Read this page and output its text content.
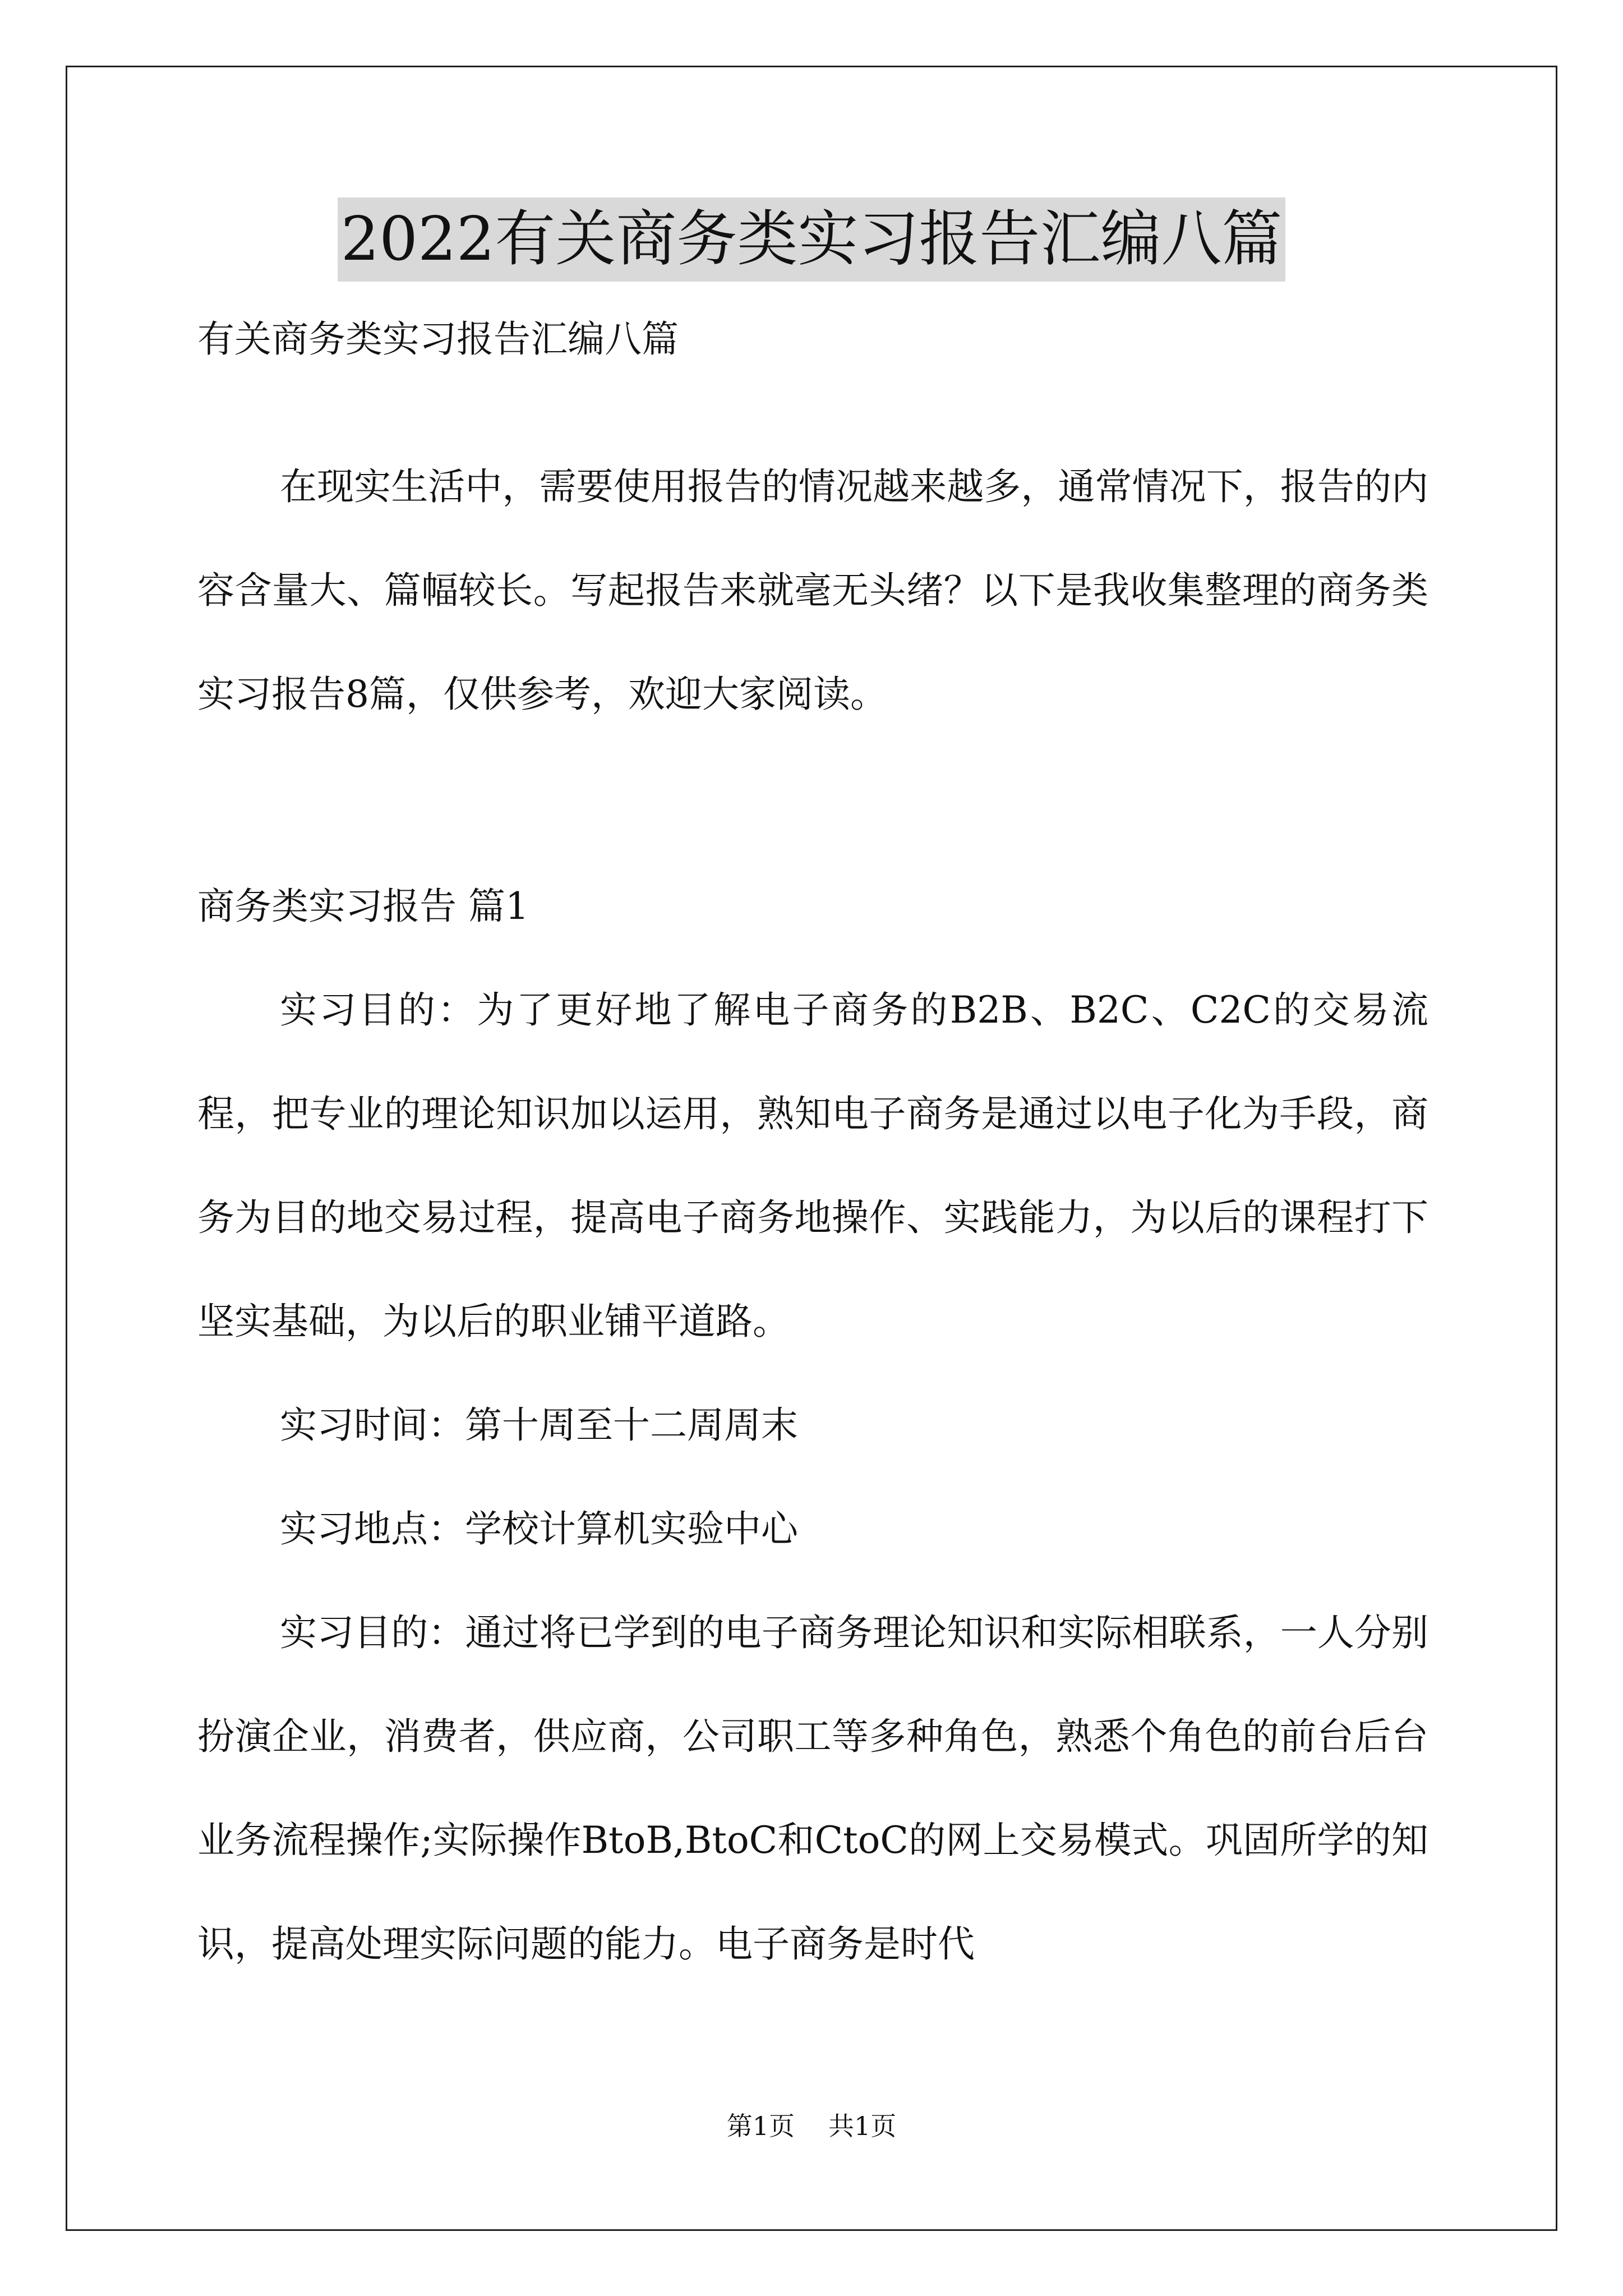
2022有关商务类实习报告汇编八篇
有关商务类实习报告汇编八篇
在现实生活中，需要使用报告的情况越来越多，通常情况下，报告的内容含量大、篇幅较长。写起报告来就毫无头绪？以下是我收集整理的商务类实习报告8篇，仅供参考，欢迎大家阅读。
商务类实习报告 篇1

实习目的：为了更好地了解电子商务的B2B、B2C、C2C的交易流程，把专业的理论知识加以运用，熟知电子商务是通过以电子化为手段，商务为目的地交易过程，提高电子商务地操作、实践能力，为以后的课程打下坚实基础，为以后的职业铺平道路。

实习时间：第十周至十二周周末

实习地点：学校计算机实验中心

实习目的：通过将已学到的电子商务理论知识和实际相联系，一人分别扮演企业，消费者，供应商，公司职工等多种角色，熟悉个角色的前台后台业务流程操作;实际操作BtoB,BtoC和CtoC的网上交易模式。巩固所学的知识，提高处理实际问题的能力。电子商务是时代

第1页 共1页
